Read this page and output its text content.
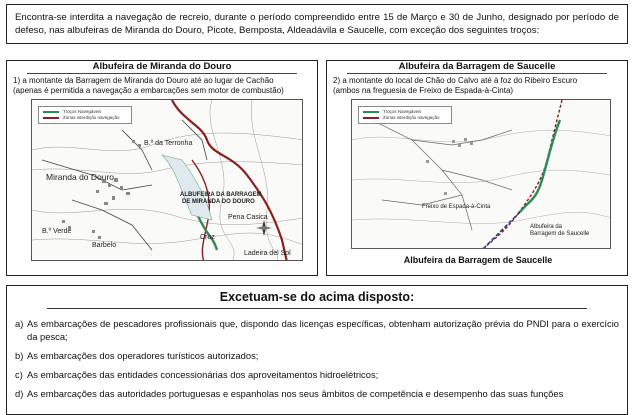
Encontra-se interdita a navegação de recreio, durante o período compreendido entre 15 de Março e 30 de Junho, designado por período de defeso, nas albufeiras de Miranda do Douro, Picote, Bemposta, Aldeadávila e Saucelle, com exceção dos seguintes troços:
Albufeira de Miranda do Douro
1) a montante da Barragem de Miranda do Douro até ao lugar de Cachão
(apenas é permitida a navegação a embarcações sem motor de combustão)
Troços Navegáveis
Zonas interdição navegação
B.º da Terronha
Miranda do Douro
ALBUFEIRA DA BARRAGEM
DE MIRANDA DO DOURO
Pena Casica
B.º Verde
Barbelo
Ladeira del Sol
Cruz
Albufeira da Barragem de Saucelle
2) a montante do local de Chão do Calvo até à foz do Ribeiro Escuro
(ambos na freguesia de Freixo de Espada-à-Cinta)
Troços Navegáveis
Zonas interdição navegação
Freixo de Espada-à-Cinta
Albufeira da
Barragem de Saucelle
Albufeira da Barragem de Saucelle
Excetuam-se do acima disposto:
a) As embarcações de pescadores profissionais que, dispondo das licenças específicas, obtenham autorização prévia do PNDI para o exercício da pesca;
b) As embarcações dos operadores turísticos autorizados;
c) As embarcações das entidades concessionárias dos aproveitamentos hidroelétricos;
d) As embarcações das autoridades portuguesas e espanholas nos seus âmbitos de competência e desempenho das suas funções
